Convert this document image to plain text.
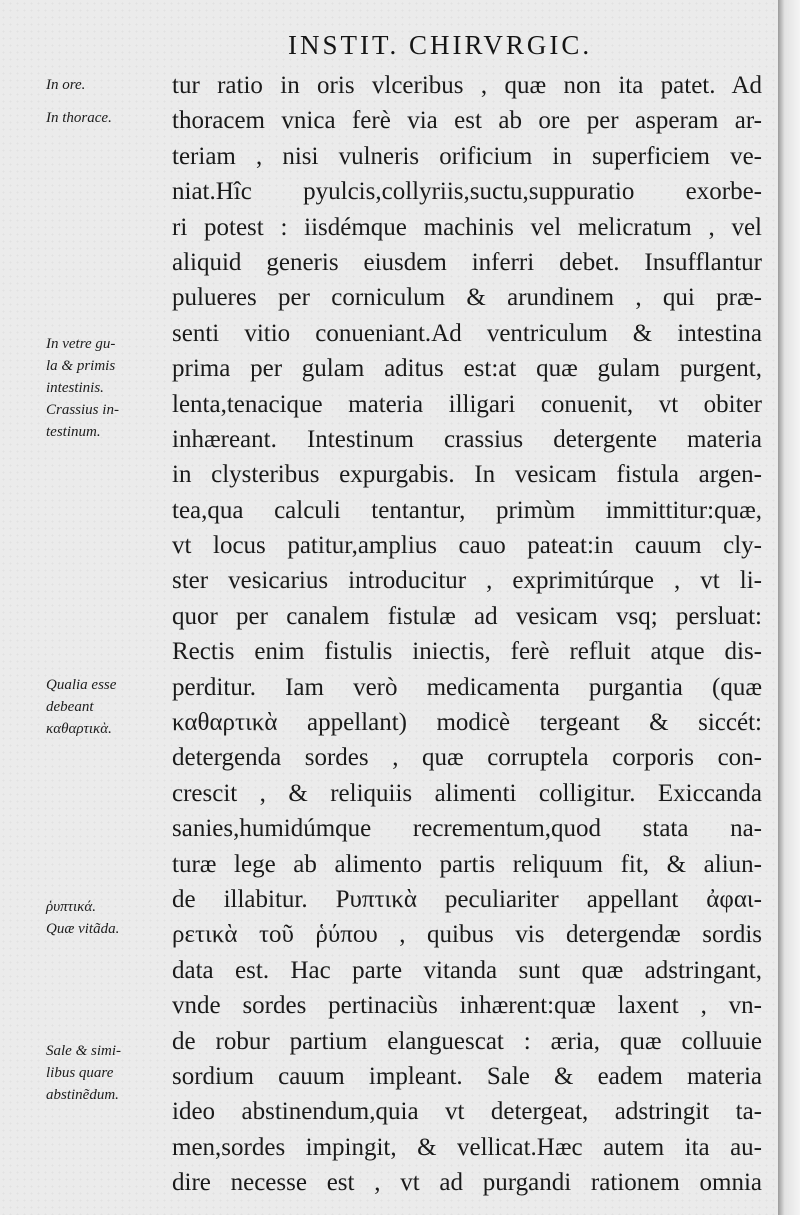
INSTIT. CHIRVRGIC.
In ore.
In thorace.
In vetre gu-
la & primis
intestinis.
Crassius in-
testinum.
Qualia esse
debeant
καθαρτικὰ.
ῥυπτικά.
Quæ vitãda.
Sale & simi-
libus quare
abstinẽdum.
tur ratio in oris vlceribus , quæ non ita patet. Ad
thoracem vnica ferè via est ab ore per asperam ar-
teriam , nisi vulneris orificium in superficiem ve-
niat.Hîc pyulcis,collyriis,suctu,suppuratio exorbe-
ri potest : iisdémque machinis vel melicratum , vel
aliquid generis eiusdem inferri debet. Insufflantur
pulueres per corniculum & arundinem , qui præ-
senti vitio conueniant.Ad ventriculum & intestina
prima per gulam aditus est:at quæ gulam purgent,
lenta,tenacique materia illigari conuenit, vt obiter
inhæreant. Intestinum crassius detergente materia
in clysteribus expurgabis. In vesicam fistula argen-
tea,qua calculi tentantur, primùm immittitur:quæ,
vt locus patitur,amplius cauo pateat:in cauum cly-
ster vesicarius introducitur , exprimitúrque , vt li-
quor per canalem fistulæ ad vesicam vsq; persluat:
Rectis enim fistulis iniectis, ferè refluit atque dis-
perditur. Iam verò medicamenta purgantia (quæ
καθαρτικὰ appellant) modicè tergeant & siccét:
detergenda sordes , quæ corruptela corporis con-
crescit , & reliquiis alimenti colligitur. Exiccanda
sanies,humidúmque recrementum,quod stata na-
turæ lege ab alimento partis reliquum fit, & aliun-
de illabitur. Ρυπτικὰ peculiariter appellant ἀφαι-
ρετικὰ τοῦ ῥύπου , quibus vis detergendæ sordis
data est. Hac parte vitanda sunt quæ adstringant,
vnde sordes pertinaciùs inhærent:quæ laxent , vn-
de robur partium elanguescat : æria, quæ colluuie
sordium cauum impleant. Sale & eadem materia
ideo abstinendum,quia vt detergeat, adstringit ta-
men,sordes impingit, & vellicat.Hæc autem ita au-
dire necesse est , vt ad purgandi rationem omnia
